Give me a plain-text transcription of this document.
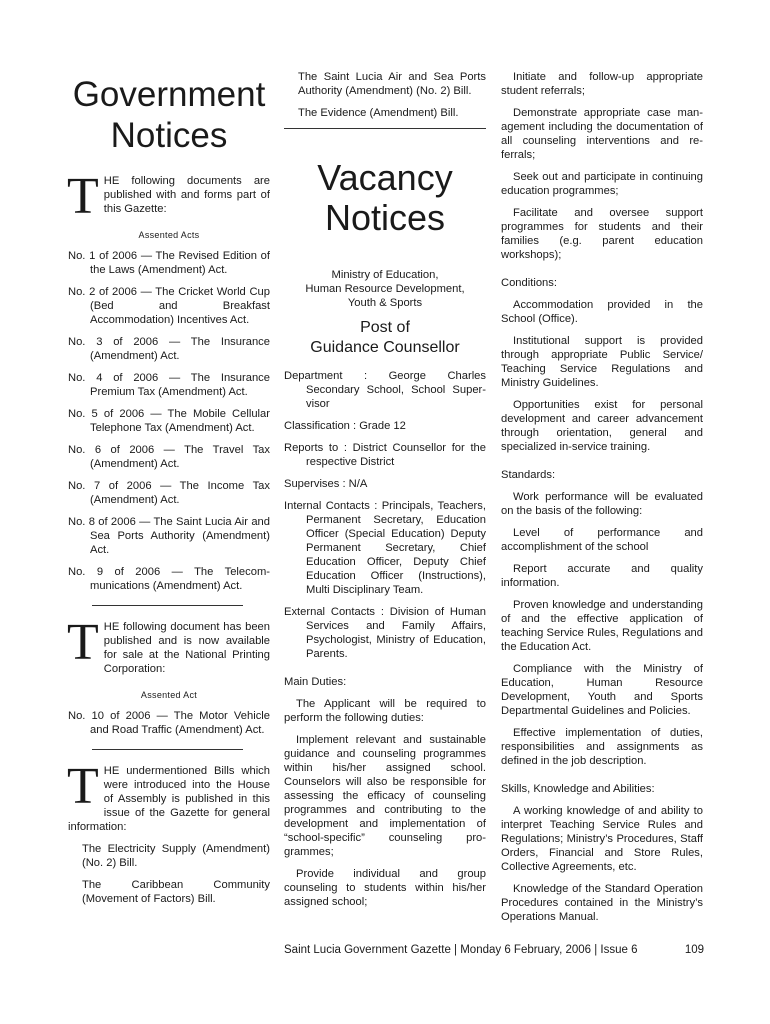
Government

Notices

T HE following documents are published with and forms part of this Gazette:

Assented Acts

No. 1 of 2006 — The Revised Edition of the Laws (Amendment) Act.

No. 2 of 2006 — The Cricket World Cup (Bed and Breakfast Accommodation) Incentives Act.

No. 3 of 2006 — The Insurance (Amendment) Act.

No. 4 of 2006 — The Insurance Premium Tax (Amendment) Act.

No. 5 of 2006 — The Mobile Cellular Telephone Tax (Amendment) Act.

No. 6 of 2006 — The Travel Tax (Amendment) Act.

No. 7 of 2006 — The Income Tax (Amendment) Act.

No. 8 of 2006 — The Saint Lucia Air and Sea Ports Authority (Amendment) Act.

No. 9 of 2006 — The Telecom- munications (Amendment) Act.

T HE following document has been published and is now available for sale at the National Printing Corporation:

Assented Act

No. 10 of 2006 — The Motor Vehicle and Road Traffic (Amendment) Act.

T HE undermentioned Bills which were introduced into the House of Assembly is published in this issue of the Gazette for general information:

The Electricity Supply (Amendment) (No. 2) Bill.

The Caribbean Community (Movement of Factors) Bill.

The Saint Lucia Air and Sea Ports Authority (Amendment) (No. 2) Bill.

The Evidence (Amendment) Bill.

Vacancy

Notices

Ministry of Education,

Human Resource Development,

Youth & Sports

Post of

Guidance Counsellor

Department : George Charles Secondary School, School Super- visor

Classification : Grade 12

Reports to : District Counsellor for the respective District

Supervises : N/A

Internal Contacts : Principals, Teachers, Permanent Secretary, Education Officer (Special Education) Deputy Permanent Secretary, Chief Education Officer, Deputy Chief Education Officer (Instructions), Multi Disciplinary Team.

External Contacts : Division of Human Services and Family Affairs, Psychologist, Ministry of Education, Parents.

Main Duties:

The Applicant will be required to perform the following duties:

Implement relevant and sustainable guidance and counseling programmes within his/her assigned school. Counselors will also be responsible for assessing the efficacy of counseling programmes and contributing to the development and implementation of “school-specific” counseling pro- grammes;

Provide individual and group counseling to students within his/her assigned school;

Initiate and follow-up appropriate student referrals;

Demonstrate appropriate case man- agement including the documentation of all counseling interventions and re- ferrals;

Seek out and participate in continuing education programmes;

Facilitate and oversee support programmes for students and their families (e.g. parent education workshops);

Conditions:

Accommodation provided in the School (Office).

Institutional support is provided through appropriate Public Service/ Teaching Service Regulations and Ministry Guidelines.

Opportunities exist for personal development and career advancement through orientation, general and specialized in-service training.

Standards:

Work performance will be evaluated on the basis of the following:

Level of performance and accomplishment of the school

Report accurate and quality information.

Proven knowledge and understanding of and the effective application of teaching Service Rules, Regulations and the Education Act.

Compliance with the Ministry of Education, Human Resource Development, Youth and Sports Departmental Guidelines and Policies.

Effective implementation of duties, responsibilities and assignments as defined in the job description.

Skills, Knowledge and Abilities:

A working knowledge of and ability to interpret Teaching Service Rules and Regulations; Ministry’s Procedures, Staff Orders, Financial and Store Rules, Collective Agreements, etc.

Knowledge of the Standard Operation Procedures contained in the Ministry’s Operations Manual.

Saint Lucia Government Gazette | Monday 6 February, 2006 | Issue 6	109
